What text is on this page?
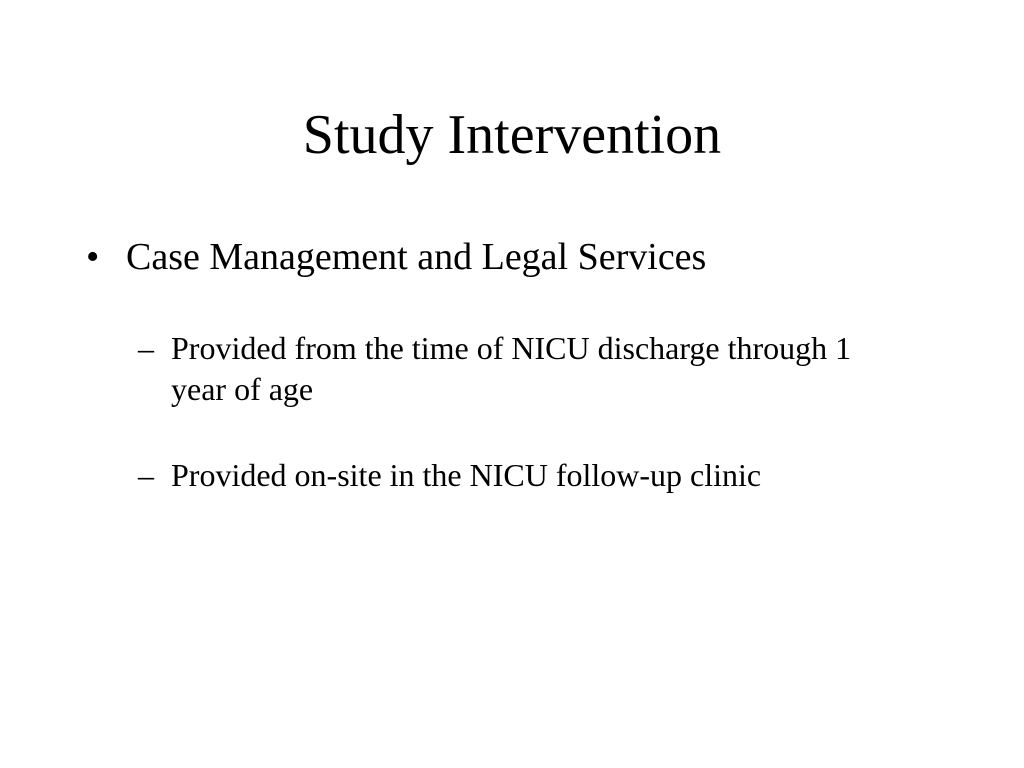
Study Intervention
• Case Management and Legal Services
– Provided from the time of NICU discharge through 1 year of age
– Provided on-site in the NICU follow-up clinic
